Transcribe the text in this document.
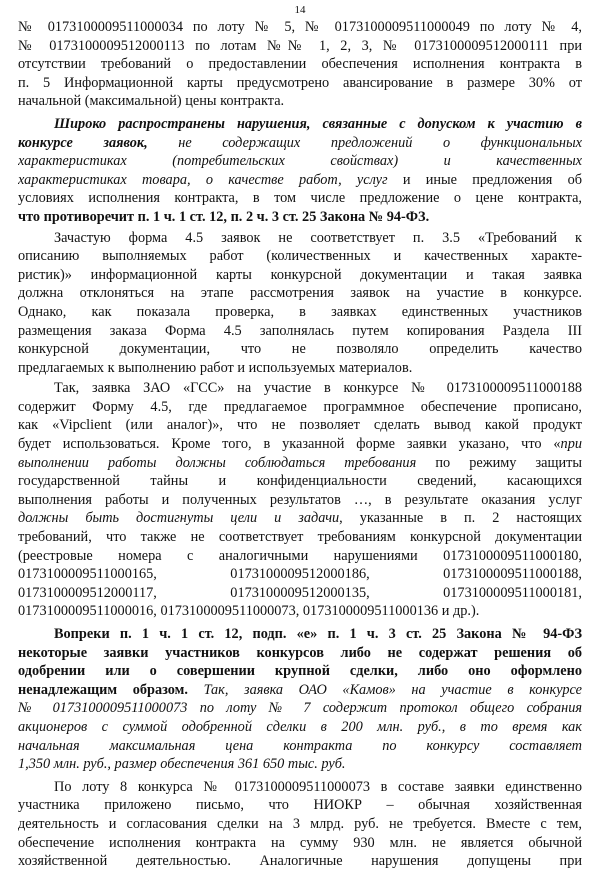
14
№ 0173100009511000034 по лоту № 5, № 0173100009511000049 по лоту № 4,
№ 0173100009512000113 по лотам №№ 1, 2, 3, № 0173100009512000111 при
отсутствии требований о предоставлении обеспечения исполнения контракта в
п. 5 Информационной карты предусмотрено авансирование в размере 30% от
начальной (максимальной) цены контракта.
Широко распространены нарушения, связанные с допуском к участию в
конкурсе заявок, не содержащих предложений о функциональных
характеристиках (потребительских свойствах) и качественных
характеристиках товара, о качестве работ, услуг и иные предложения об
условиях исполнения контракта, в том числе предложение о цене контракта,
что противоречит п. 1 ч. 1 ст. 12, п. 2 ч. 3 ст. 25 Закона № 94-ФЗ.
Зачастую форма 4.5 заявок не соответствует п. 3.5 «Требований к
описанию выполняемых работ (количественных и качественных характе-
ристик)» информационной карты конкурсной документации и такая заявка
должна отклоняться на этапе рассмотрения заявок на участие в конкурсе.
Однако, как показала проверка, в заявках единственных участников
размещения заказа Форма 4.5 заполнялась путем копирования Раздела III
конкурсной документации, что не позволяло определить качество
предлагаемых к выполнению работ и используемых материалов.
Так, заявка ЗАО «ГСС» на участие в конкурсе № 0173100009511000188
содержит Форму 4.5, где предлагаемое программное обеспечение прописано,
как «Vipclient (или аналог)», что не позволяет сделать вывод какой продукт
будет использоваться. Кроме того, в указанной форме заявки указано, что «при
выполнении работы должны соблюдаться требования по режиму защиты
государственной тайны и конфиденциальности сведений, касающихся
выполнения работы и полученных результатов …, в результате оказания услуг
должны быть достигнуты цели и задачи, указанные в п. 2 настоящих
требований, что также не соответствует требованиям конкурсной документации
(реестровые номера с аналогичными нарушениями 0173100009511000180,
0173100009511000165, 0173100009512000186, 0173100009511000188,
0173100009512000117, 0173100009512000135, 0173100009511000181,
0173100009511000016, 0173100009511000073, 0173100009511000136 и др.).
Вопреки п. 1 ч. 1 ст. 12, подп. «е» п. 1 ч. 3 ст. 25 Закона № 94-ФЗ
некоторые заявки участников конкурсов либо не содержат решения об
одобрении или о совершении крупной сделки, либо оно оформлено
ненадлежащим образом. Так, заявка ОАО «Камов» на участие в конкурсе
№ 0173100009511000073 по лоту № 7 содержит протокол общего собрания
акционеров с суммой одобренной сделки в 200 млн. руб., в то время как
начальная максимальная цена контракта по конкурсу составляет
1,350 млн. руб., размер обеспечения 361 650 тыс. руб.
По лоту 8 конкурса № 0173100009511000073 в составе заявки единственно
участника приложено письмо, что НИОКР – обычная хозяйственная
деятельность и согласования сделки на 3 млрд. руб. не требуется. Вместе с тем,
обеспечение исполнения контракта на сумму 930 млн. не является обычной
хозяйственной деятельностью. Аналогичные нарушения допущены при
